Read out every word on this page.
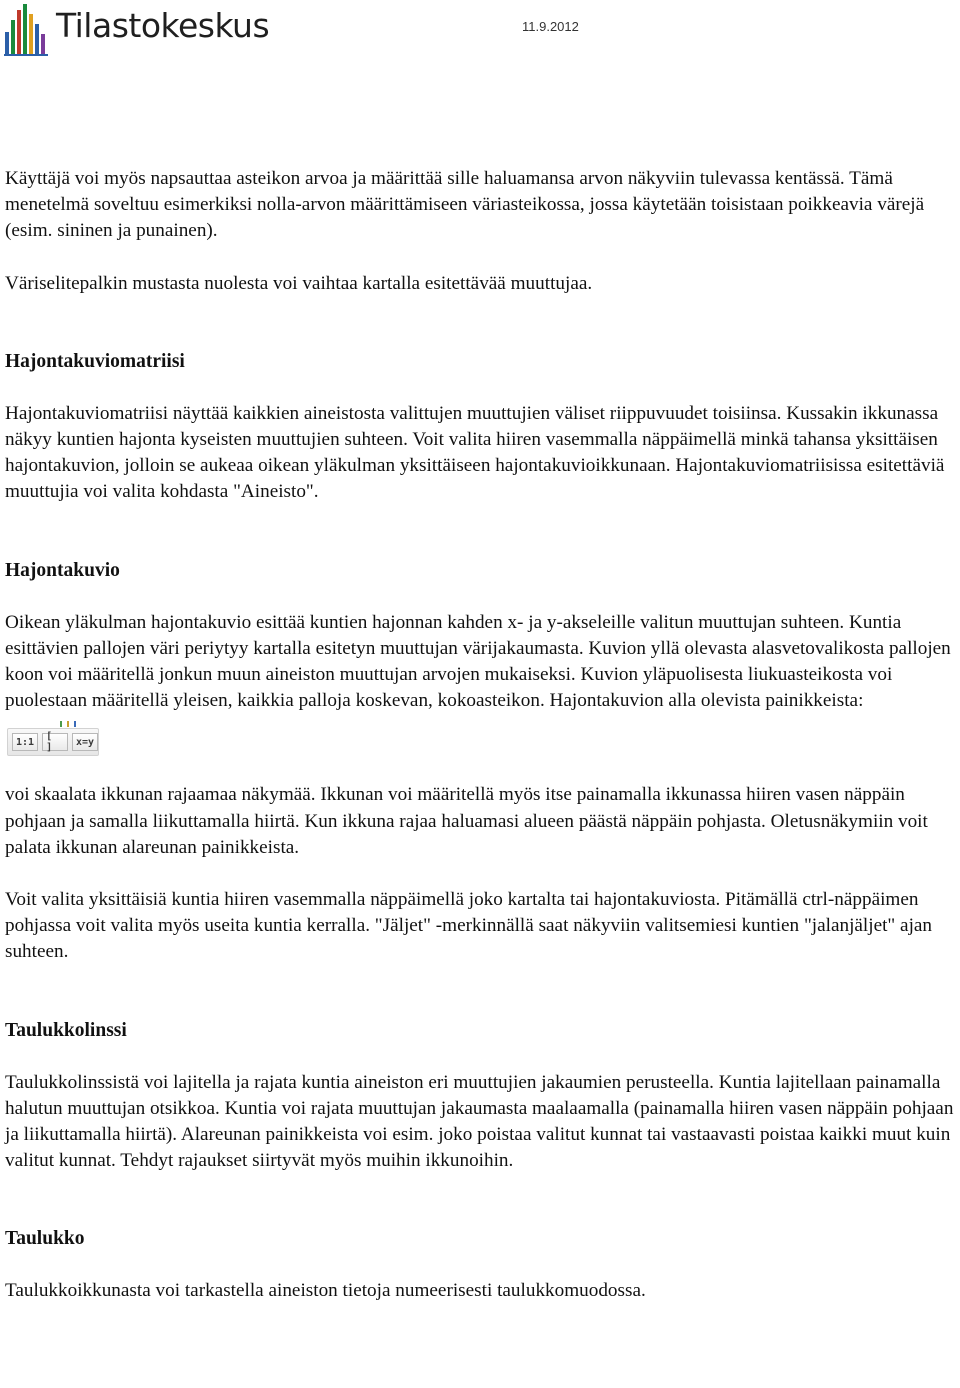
Tilastokeskus	11.9.2012

Käyttäjä voi myös napsauttaa asteikon arvoa ja määrittää sille haluamansa arvon näkyviin tulevassa kentässä. Tämä menetelmä soveltuu esimerkiksi nolla-arvon määrittämiseen väriasteikossa, jossa käytetään toisistaan poikkeavia värejä (esim. sininen ja punainen).

Väriselitepalkin mustasta nuolesta voi vaihtaa kartalla esitettävää muuttujaa.

Hajontakuviomatriisi

Hajontakuviomatriisi näyttää kaikkien aineistosta valittujen muuttujien väliset riippuvuudet toisiinsa. Kussakin ikkunassa näkyy kuntien hajonta kyseisten muuttujien suhteen. Voit valita hiiren vasemmalla näppäimellä minkä tahansa yksittäisen hajontakuvion, jolloin se aukeaa oikean yläkulman yksittäiseen hajontakuvioikkunaan. Hajontakuviomatriisissa esitettäviä muuttujia voi valita kohdasta "Aineisto".

Hajontakuvio

Oikean yläkulman hajontakuvio esittää kuntien hajonnan kahden x- ja y-akseleille valitun muuttujan suhteen. Kuntia esittävien pallojen väri periytyy kartalla esitetyn muuttujan värijakaumasta. Kuvion yllä olevasta alasvetovalikosta pallojen koon voi määritellä jonkun muun aineiston muuttujan arvojen mukaiseksi. Kuvion yläpuolisesta liukuasteikosta voi puolestaan määritellä yleisen, kaikkia palloja koskevan, kokoasteikon. Hajontakuvion alla olevista painikkeista:

1:1	[ ]	x=y

voi skaalata ikkunan rajaamaa näkymää. Ikkunan voi määritellä myös itse painamalla ikkunassa hiiren vasen näppäin pohjaan ja samalla liikuttamalla hiirtä. Kun ikkuna rajaa haluamasi alueen päästä näppäin pohjasta. Oletusnäkymiin voit palata ikkunan alareunan painikkeista.

Voit valita yksittäisiä kuntia hiiren vasemmalla näppäimellä joko kartalta tai hajontakuviosta. Pitämällä ctrl-näppäimen pohjassa voit valita myös useita kuntia kerralla. "Jäljet" -merkinnällä saat näkyviin valitsemiesi kuntien "jalanjäljet" ajan suhteen.

Taulukkolinssi

Taulukkolinssistä voi lajitella ja rajata kuntia aineiston eri muuttujien jakaumien perusteella. Kuntia lajitellaan painamalla halutun muuttujan otsikkoa. Kuntia voi rajata muuttujan jakaumasta maalaamalla (painamalla hiiren vasen näppäin pohjaan ja liikuttamalla hiirtä). Alareunan painikkeista voi esim. joko poistaa valitut kunnat tai vastaavasti poistaa kaikki muut kuin valitut kunnat. Tehdyt rajaukset siirtyvät myös muihin ikkunoihin.

Taulukko

Taulukkoikkunasta voi tarkastella aineiston tietoja numeerisesti taulukkomuodossa.
